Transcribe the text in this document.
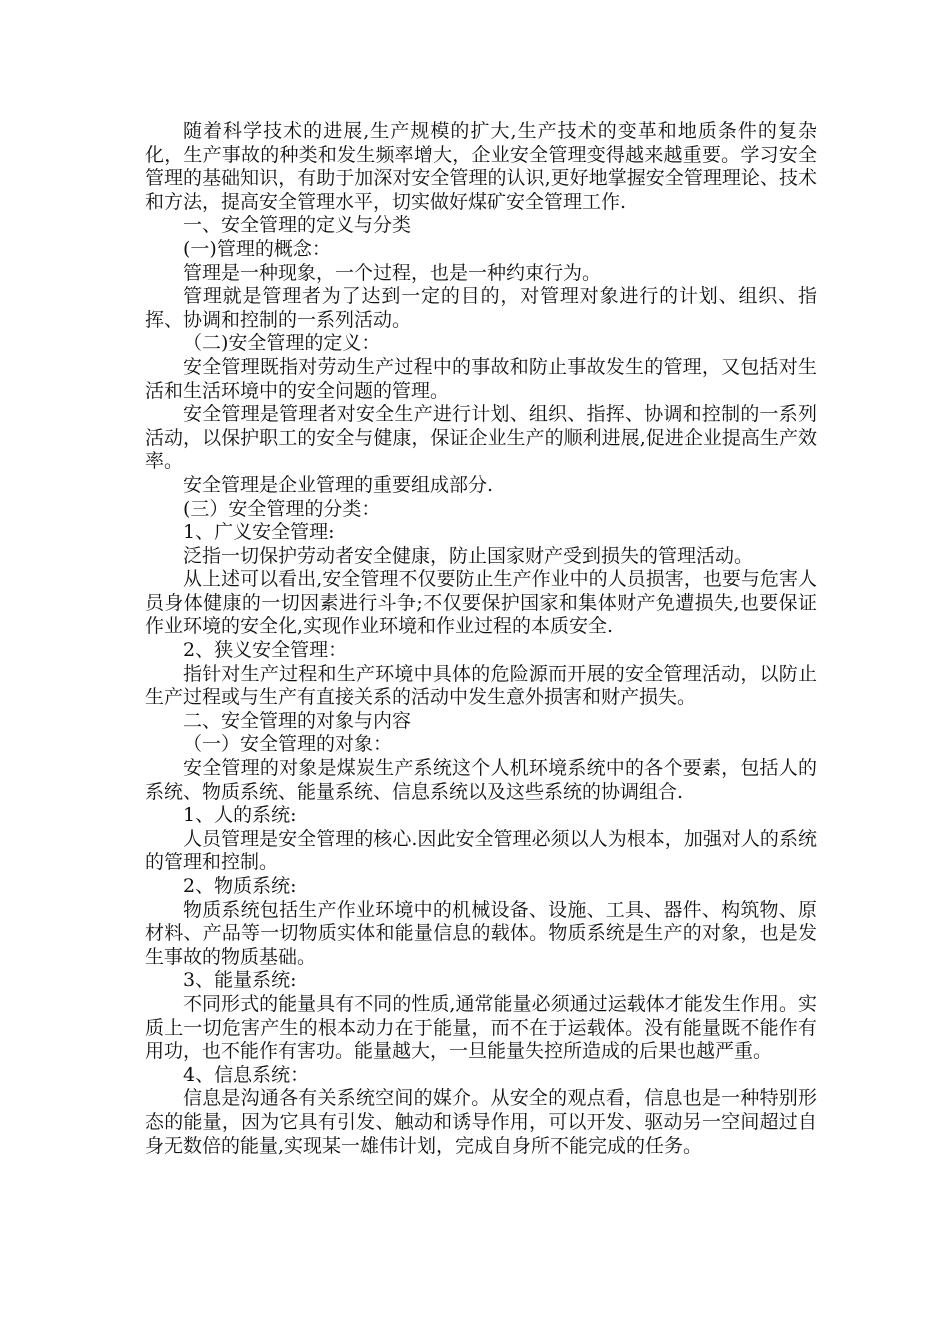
随着科学技术的进展,生产规模的扩大,生产技术的变革和地质条件的复杂化，生产事故的种类和发生频率增大，企业安全管理变得越来越重要。学习安全管理的基础知识，有助于加深对安全管理的认识,更好地掌握安全管理理论、技术和方法，提高安全管理水平，切实做好煤矿安全管理工作.

一、安全管理的定义与分类

(一)管理的概念：

管理是一种现象，一个过程，也是一种约束行为。

管理就是管理者为了达到一定的目的，对管理对象进行的计划、组织、指挥、协调和控制的一系列活动。

（二)安全管理的定义：

安全管理既指对劳动生产过程中的事故和防止事故发生的管理，又包括对生活和生活环境中的安全问题的管理。

安全管理是管理者对安全生产进行计划、组织、指挥、协调和控制的一系列活动，以保护职工的安全与健康，保证企业生产的顺利进展,促进企业提高生产效率。

安全管理是企业管理的重要组成部分.

(三）安全管理的分类：

1、广义安全管理:

泛指一切保护劳动者安全健康，防止国家财产受到损失的管理活动。

从上述可以看出,安全管理不仅要防止生产作业中的人员损害，也要与危害人员身体健康的一切因素进行斗争;不仅要保护国家和集体财产免遭损失,也要保证作业环境的安全化,实现作业环境和作业过程的本质安全.

2、狭义安全管理：

指针对生产过程和生产环境中具体的危险源而开展的安全管理活动，以防止生产过程或与生产有直接关系的活动中发生意外损害和财产损失。

二、安全管理的对象与内容

（一）安全管理的对象：

安全管理的对象是煤炭生产系统这个人机环境系统中的各个要素，包括人的系统、物质系统、能量系统、信息系统以及这些系统的协调组合.

1、人的系统:

人员管理是安全管理的核心.因此安全管理必须以人为根本，加强对人的系统的管理和控制。

2、物质系统:

物质系统包括生产作业环境中的机械设备、设施、工具、器件、构筑物、原材料、产品等一切物质实体和能量信息的载体。物质系统是生产的对象，也是发生事故的物质基础。

3、能量系统:

不同形式的能量具有不同的性质,通常能量必须通过运载体才能发生作用。实质上一切危害产生的根本动力在于能量，而不在于运载体。没有能量既不能作有用功，也不能作有害功。能量越大，一旦能量失控所造成的后果也越严重。

4、信息系统：

信息是沟通各有关系统空间的媒介。从安全的观点看，信息也是一种特别形态的能量，因为它具有引发、触动和诱导作用，可以开发、驱动另一空间超过自身无数倍的能量,实现某一雄伟计划，完成自身所不能完成的任务。
